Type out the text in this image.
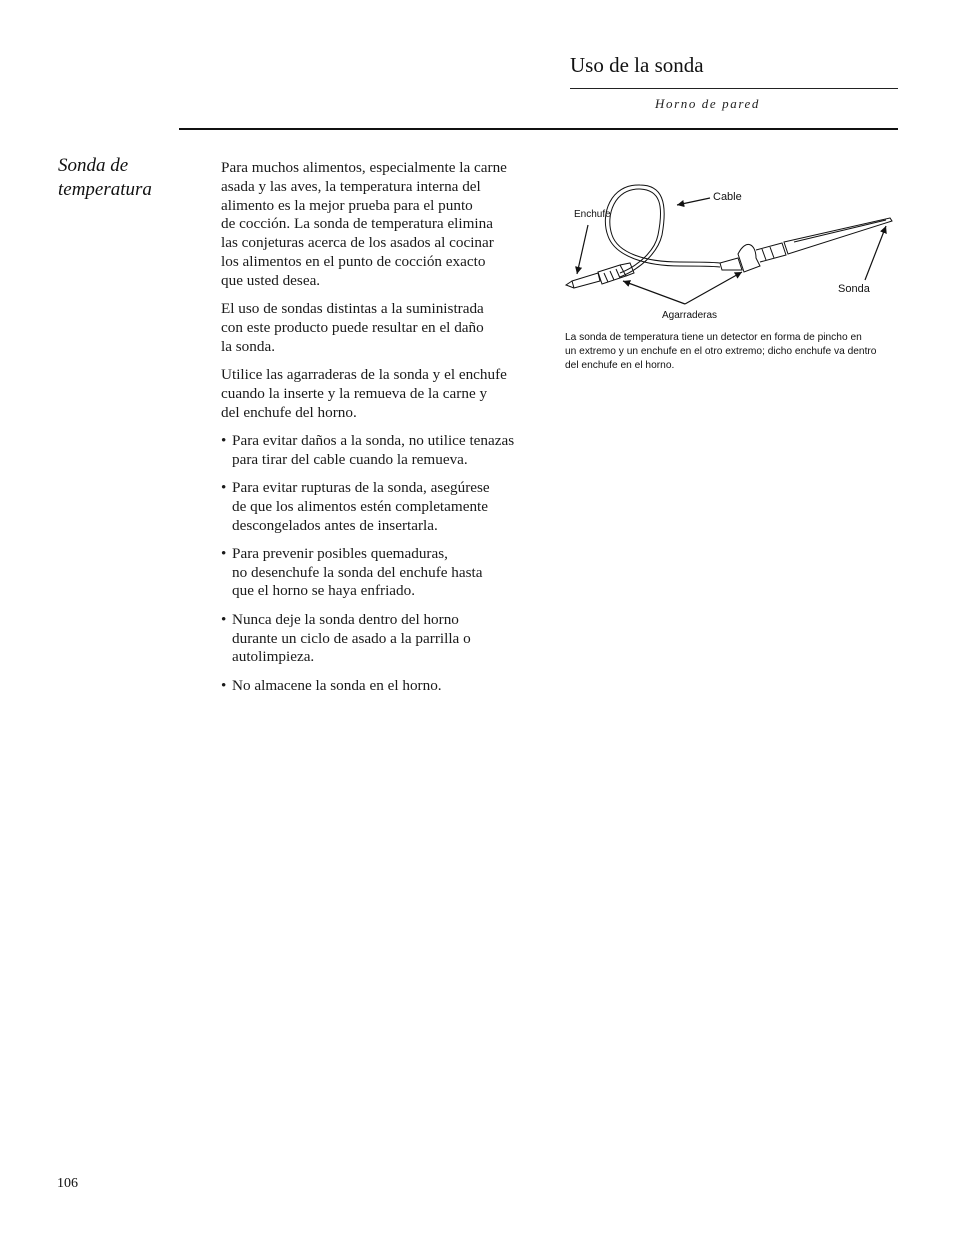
Uso de la sonda
Horno de pared
Sonda de
temperatura

Para muchos alimentos, especialmente la carne
asada y las aves, la temperatura interna del
alimento es la mejor prueba para el punto
de cocción. La sonda de temperatura elimina
las conjeturas acerca de los asados al cocinar
los alimentos en el punto de cocción exacto
que usted desea.

El uso de sondas distintas a la suministrada
con este producto puede resultar en el daño
la sonda.

Utilice las agarraderas de la sonda y el enchufe
cuando la inserte y la remueva de la carne y
del enchufe del horno.

• Para evitar daños a la sonda, no utilice tenazas
para tirar del cable cuando la remueva.
• Para evitar rupturas de la sonda, asegúrese
de que los alimentos estén completamente
descongelados antes de insertarla.
• Para prevenir posibles quemaduras,
no desenchufe la sonda del enchufe hasta
que el horno se haya enfriado.
• Nunca deje la sonda dentro del horno
durante un ciclo de asado a la parrilla o
autolimpieza.
• No almacene la sonda en el horno.
Enchufe
Cable
Sonda
Agarraderas
La sonda de temperatura tiene un detector en forma de pincho en
un extremo y un enchufe en el otro extremo; dicho enchufe va dentro
del enchufe en el horno.
106
